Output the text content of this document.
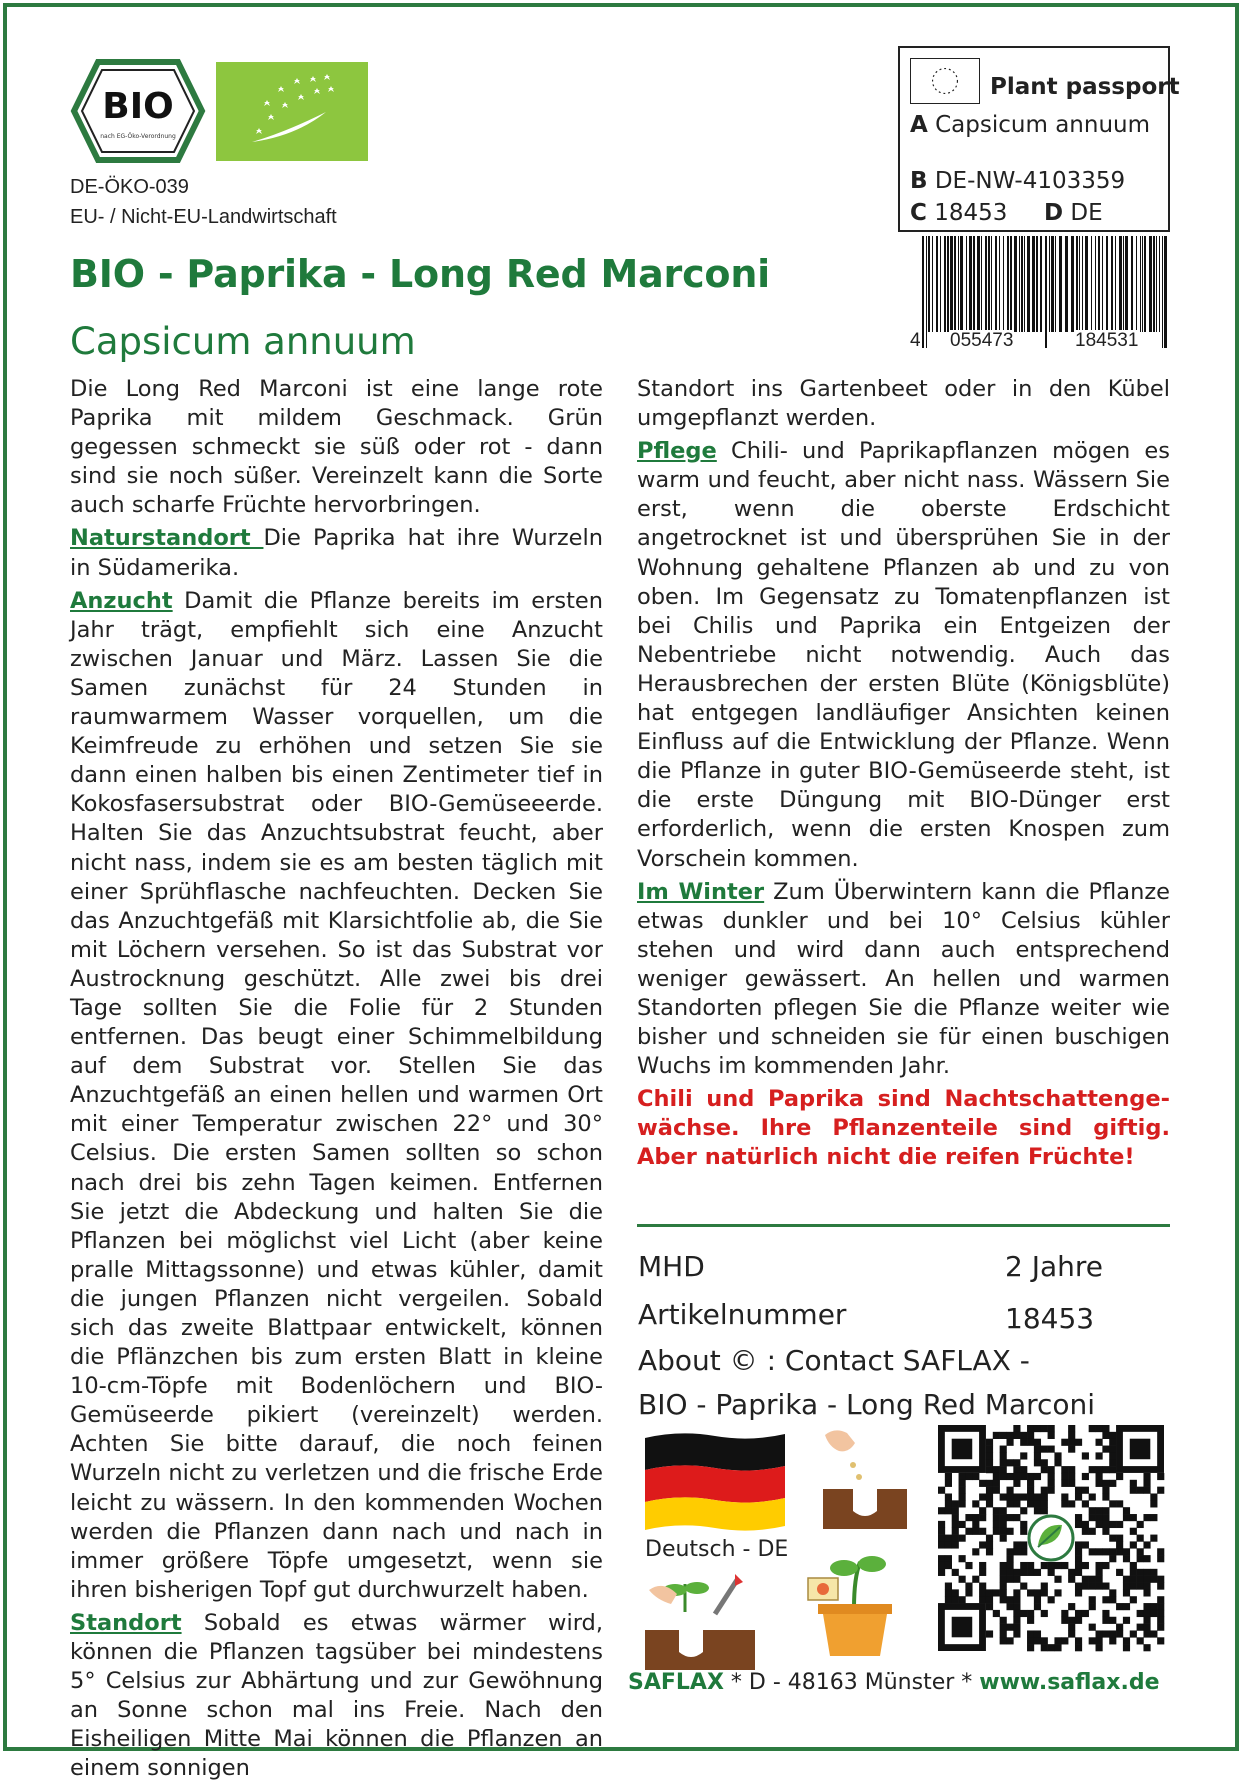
BIO
nach EG-Öko-Verordnung
DE-ÖKO-039
EU- / Nicht-EU-Landwirtschaft
BIO - Paprika - Long Red Marconi
Capsicum annuum
Plant passport
A Capsicum annuum
B DE-NW-4103359
C 18453 D DE
4 055473	184531

Die Long Red Marconi ist eine lange rote Paprika mit mildem Geschmack. Grün gegessen schmeckt sie süß oder rot - dann sind sie noch süßer. Vereinzelt kann die Sorte auch scharfe Früchte hervorbringen.

Naturstandort Die Paprika hat ihre Wurzeln in Südamerika.

Anzucht Damit die Pflanze bereits im ersten Jahr trägt, empfiehlt sich eine Anzucht zwischen Januar und März. Lassen Sie die Samen zunächst für 24 Stunden in raumwarmem Wasser vorquellen, um die Keimfreude zu erhöhen und setzen Sie sie dann einen halben bis einen Zentimeter tief in Kokosfasersubstrat oder BIO-Gemüseeerde. Halten Sie das Anzuchtsubstrat feucht, aber nicht nass, indem sie es am besten täglich mit einer Sprühflasche nachfeuchten. Decken Sie das Anzuchtgefäß mit Klarsichtfolie ab, die Sie mit Löchern versehen. So ist das Substrat vor Austrocknung geschützt. Alle zwei bis drei Tage sollten Sie die Folie für 2 Stunden entfernen. Das beugt einer Schimmelbildung auf dem Substrat vor. Stellen Sie das Anzuchtgefäß an einen hellen und warmen Ort mit einer Temperatur zwischen 22° und 30° Celsius. Die ersten Samen sollten so schon nach drei bis zehn Tagen keimen. Entfernen Sie jetzt die Abdeckung und halten Sie die Pflanzen bei möglichst viel Licht (aber keine pralle Mittagssonne) und etwas kühler, damit die jungen Pflanzen nicht vergeilen. Sobald sich das zweite Blattpaar entwickelt, können die Pflänzchen bis zum ersten Blatt in kleine 10-cm-Töpfe mit Bodenlöchern und BIO-Gemüseerde pikiert (vereinzelt) werden. Achten Sie bitte darauf, die noch feinen Wurzeln nicht zu verletzen und die frische Erde leicht zu wässern. In den kommenden Wochen werden die Pflanzen dann nach und nach in immer größere Töpfe umgesetzt, wenn sie ihren bisherigen Topf gut durchwurzelt haben.

Standort Sobald es etwas wärmer wird, können die Pflanzen tagsüber bei mindestens 5° Celsius zur Abhärtung und zur Gewöhnung an Sonne schon mal ins Freie. Nach den Eisheiligen Mitte Mai können die Pflanzen an einem sonnigen

Standort ins Gartenbeet oder in den Kübel umgepflanzt werden.

Pflege Chili- und Paprikapflanzen mögen es warm und feucht, aber nicht nass. Wässern Sie erst, wenn die oberste Erdschicht angetrocknet ist und übersprühen Sie in der Wohnung gehaltene Pflanzen ab und zu von oben. Im Gegensatz zu Tomatenpflanzen ist bei Chilis und Paprika ein Entgeizen der Nebentriebe nicht notwendig. Auch das Herausbrechen der ersten Blüte (Königsblüte) hat entgegen landläufiger Ansichten keinen Einfluss auf die Entwicklung der Pflanze. Wenn die Pflanze in guter BIO-Gemüseerde steht, ist die erste Düngung mit BIO-Dünger erst erforderlich, wenn die ersten Knospen zum Vorschein kommen.

Im Winter Zum Überwintern kann die Pflanze etwas dunkler und bei 10° Celsius kühler stehen und wird dann auch entsprechend weniger gewässert. An hellen und warmen Standorten pflegen Sie die Pflanze weiter wie bisher und schneiden sie für einen buschigen Wuchs im kommenden Jahr.

Chili und Paprika sind Nachtschattengewächse. Ihre Pflanzenteile sind giftig. Aber natürlich nicht die reifen Früchte!

MHD	2 Jahre
Artikelnummer	18453
About © : Contact SAFLAX -
BIO - Paprika - Long Red Marconi
Deutsch - DE
SAFLAX * D - 48163 Münster * www.saflax.de
